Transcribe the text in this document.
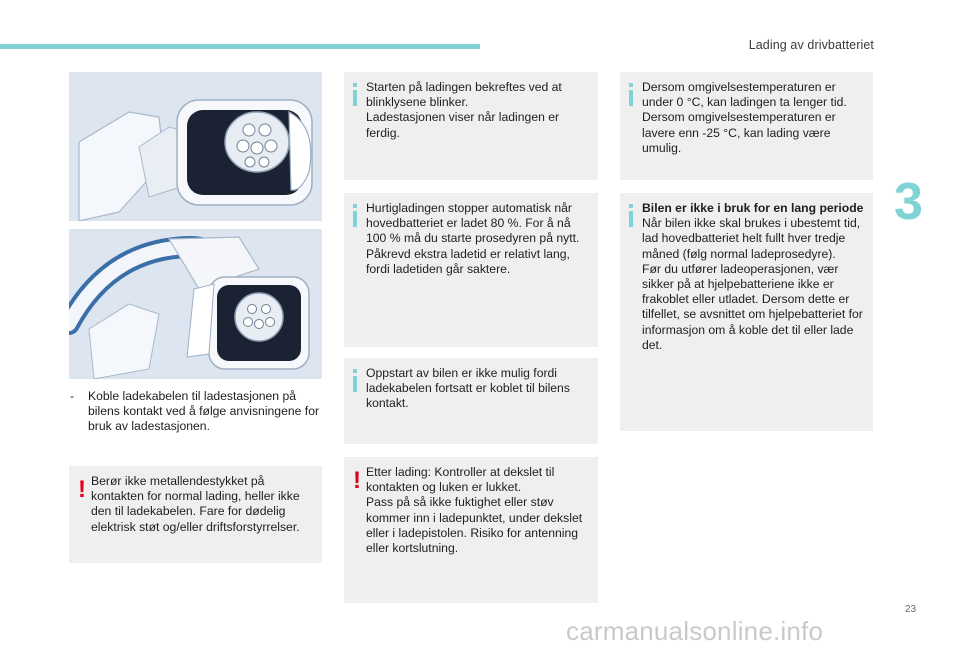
Lading av drivbatteriet
3
- Koble ladekabelen til ladestasjonen på bilens kontakt ved å følge anvisningene for bruk av ladestasjonen.
! Berør ikke metallendestykket på kontakten for normal lading, heller ikke den til ladekabelen. Fare for dødelig elektrisk støt og/eller driftsforstyrrelser.

Starten på ladingen bekreftes ved at blinklysene blinker.

Ladestasjonen viser når ladingen er ferdig.

Hurtigladingen stopper automatisk når hovedbatteriet er ladet 80 %. For å nå 100 % må du starte prosedyren på nytt. Påkrevd ekstra ladetid er relativt lang, fordi ladetiden går saktere.

Oppstart av bilen er ikke mulig fordi ladekabelen fortsatt er koblet til bilens kontakt.

! Etter lading: Kontroller at dekslet til kontakten og luken er lukket.

Pass på så ikke fuktighet eller støv kommer inn i ladepunktet, under dekslet eller i ladepistolen. Risiko for antenning eller kortslutning.

Dersom omgivelsestemperaturen er under 0 °C, kan ladingen ta lenger tid.

Dersom omgivelsestemperaturen er lavere enn -25 °C, kan lading være umulig.

Bilen er ikke i bruk for en lang periode

Når bilen ikke skal brukes i ubestemt tid, lad hovedbatteriet helt fullt hver tredje måned (følg normal ladeprosedyre).

Før du utfører ladeoperasjonen, vær sikker på at hjelpebatteriene ikke er frakoblet eller utladet. Dersom dette er tilfellet, se avsnittet om hjelpebatteriet for informasjon om å koble det til eller lade det.

23
carmanualsonline.info
